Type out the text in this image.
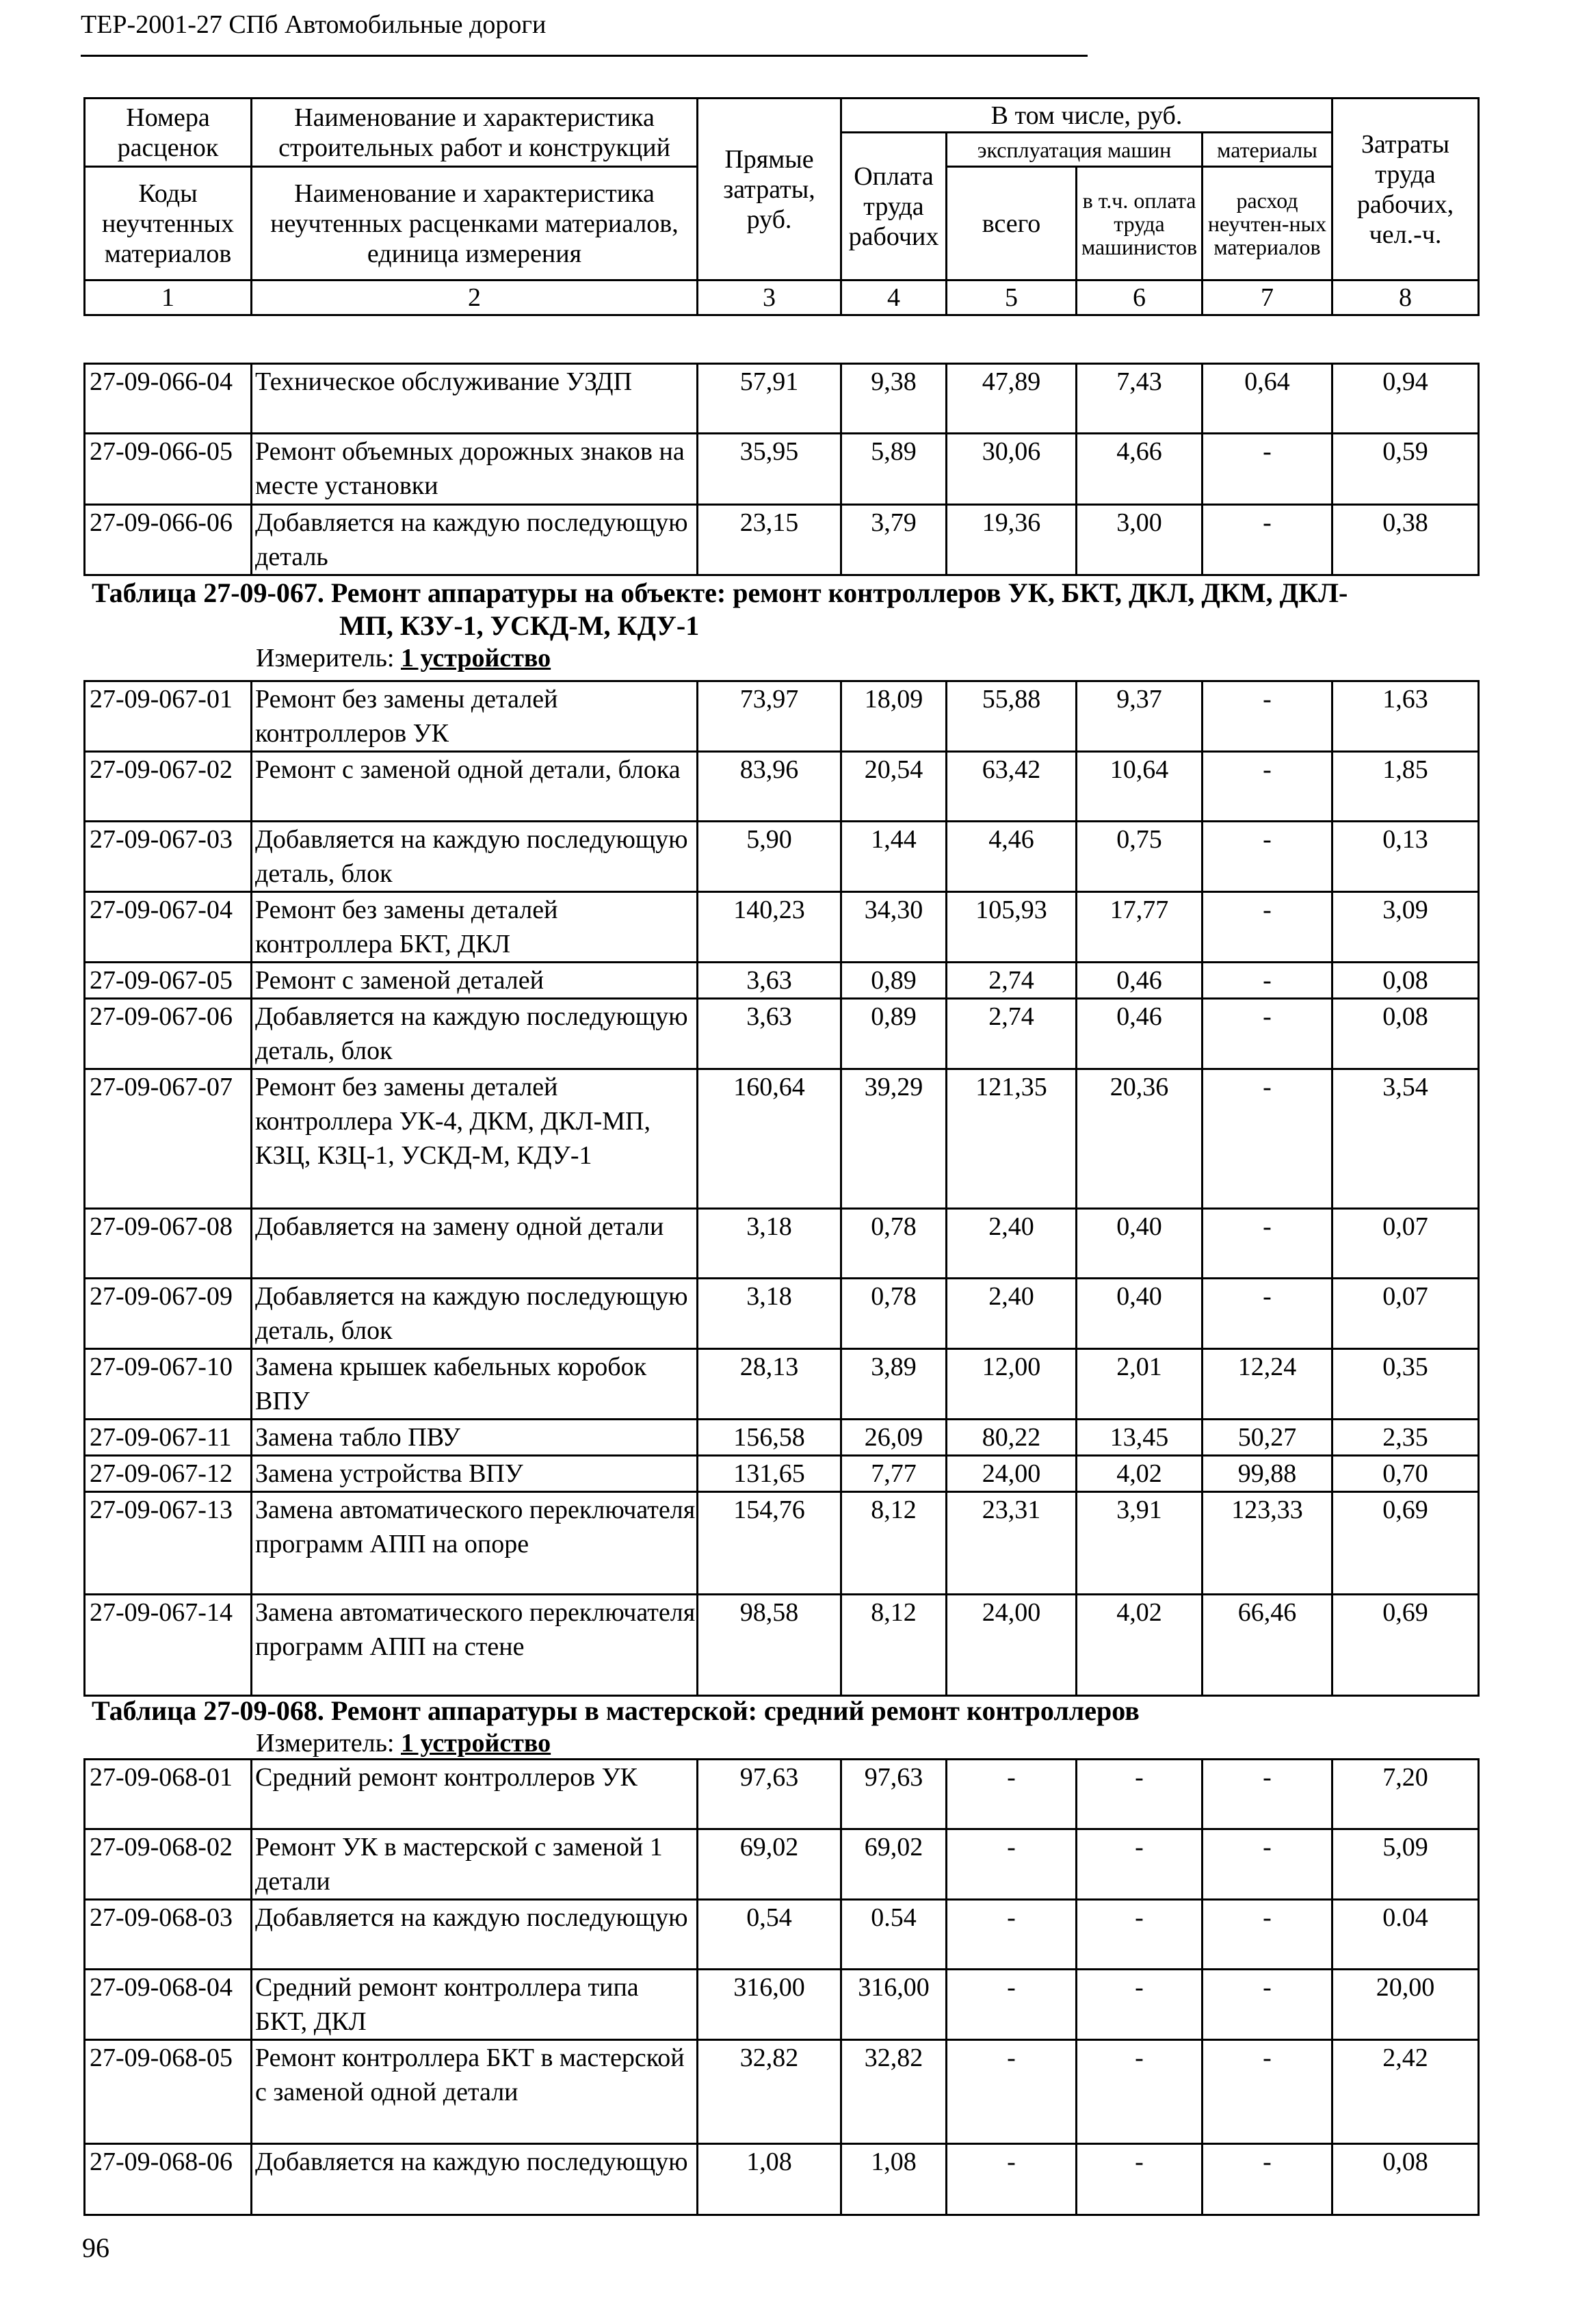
ТЕР-2001-27 СПб Автомобильные дороги
Номера расценок	Наименование и характеристика строительных работ и конструкций	Прямые затраты, руб.	В том числе, руб.				Затраты труда рабочих, чел.-ч.
			Оплата труда рабочих	эксплуатация машин		материалы	
Коды неучтенных материалов	Наименование и характеристика неучтенных расценками материалов, единица измерения			всего	в т.ч. оплата труда машинистов	расход неучтен-ных материалов	
1	2	3	4	5	6	7	8
27-09-066-04	Техническое обслуживание УЗДП	57,91	9,38	47,89	7,43	0,64	0,94
27-09-066-05	Ремонт объемных дорожных знаков на месте установки	35,95	5,89	30,06	4,66	-	0,59
27-09-066-06	Добавляется на каждую последующую деталь	23,15	3,79	19,36	3,00	-	0,38
Таблица 27-09-067. Ремонт аппаратуры на объекте: ремонт контроллеров УК, БКТ, ДКЛ, ДКМ, ДКЛ-
МП, КЗУ-1, УСКД-М, КДУ-1
Измеритель: 1 устройство
27-09-067-01	Ремонт без замены деталей контроллеров УК	73,97	18,09	55,88	9,37	-	1,63
27-09-067-02	Ремонт с заменой одной детали, блока	83,96	20,54	63,42	10,64	-	1,85
27-09-067-03	Добавляется на каждую последующую деталь, блок	5,90	1,44	4,46	0,75	-	0,13
27-09-067-04	Ремонт без замены деталей контроллера БКТ, ДКЛ	140,23	34,30	105,93	17,77	-	3,09
27-09-067-05	Ремонт с заменой деталей	3,63	0,89	2,74	0,46	-	0,08
27-09-067-06	Добавляется на каждую последующую деталь, блок	3,63	0,89	2,74	0,46	-	0,08
27-09-067-07	Ремонт без замены деталей контроллера УК-4, ДКМ, ДКЛ-МП, КЗЦ, КЗЦ-1, УСКД-М, КДУ-1	160,64	39,29	121,35	20,36	-	3,54
27-09-067-08	Добавляется на замену одной детали	3,18	0,78	2,40	0,40	-	0,07
27-09-067-09	Добавляется на каждую последующую деталь, блок	3,18	0,78	2,40	0,40	-	0,07
27-09-067-10	Замена крышек кабельных коробок ВПУ	28,13	3,89	12,00	2,01	12,24	0,35
27-09-067-11	Замена табло ПВУ	156,58	26,09	80,22	13,45	50,27	2,35
27-09-067-12	Замена устройства ВПУ	131,65	7,77	24,00	4,02	99,88	0,70
27-09-067-13	Замена автоматического переключателя программ АПП на опоре	154,76	8,12	23,31	3,91	123,33	0,69
27-09-067-14	Замена автоматического переключателя программ АПП на стене	98,58	8,12	24,00	4,02	66,46	0,69
Таблица 27-09-068. Ремонт аппаратуры в мастерской: средний ремонт контроллеров
Измеритель: 1 устройство
27-09-068-01	Средний ремонт контроллеров УК	97,63	97,63	-	-	-	7,20
27-09-068-02	Ремонт УК в мастерской с заменой 1 детали	69,02	69,02	-	-	-	5,09
27-09-068-03	Добавляется на каждую последующую	0,54	0.54	-	-	-	0.04
27-09-068-04	Средний ремонт контроллера типа БКТ, ДКЛ	316,00	316,00	-	-	-	20,00
27-09-068-05	Ремонт контроллера БКТ в мастерской с заменой одной детали	32,82	32,82	-	-	-	2,42
27-09-068-06	Добавляется на каждую последующую	1,08	1,08	-	-	-	0,08
96
